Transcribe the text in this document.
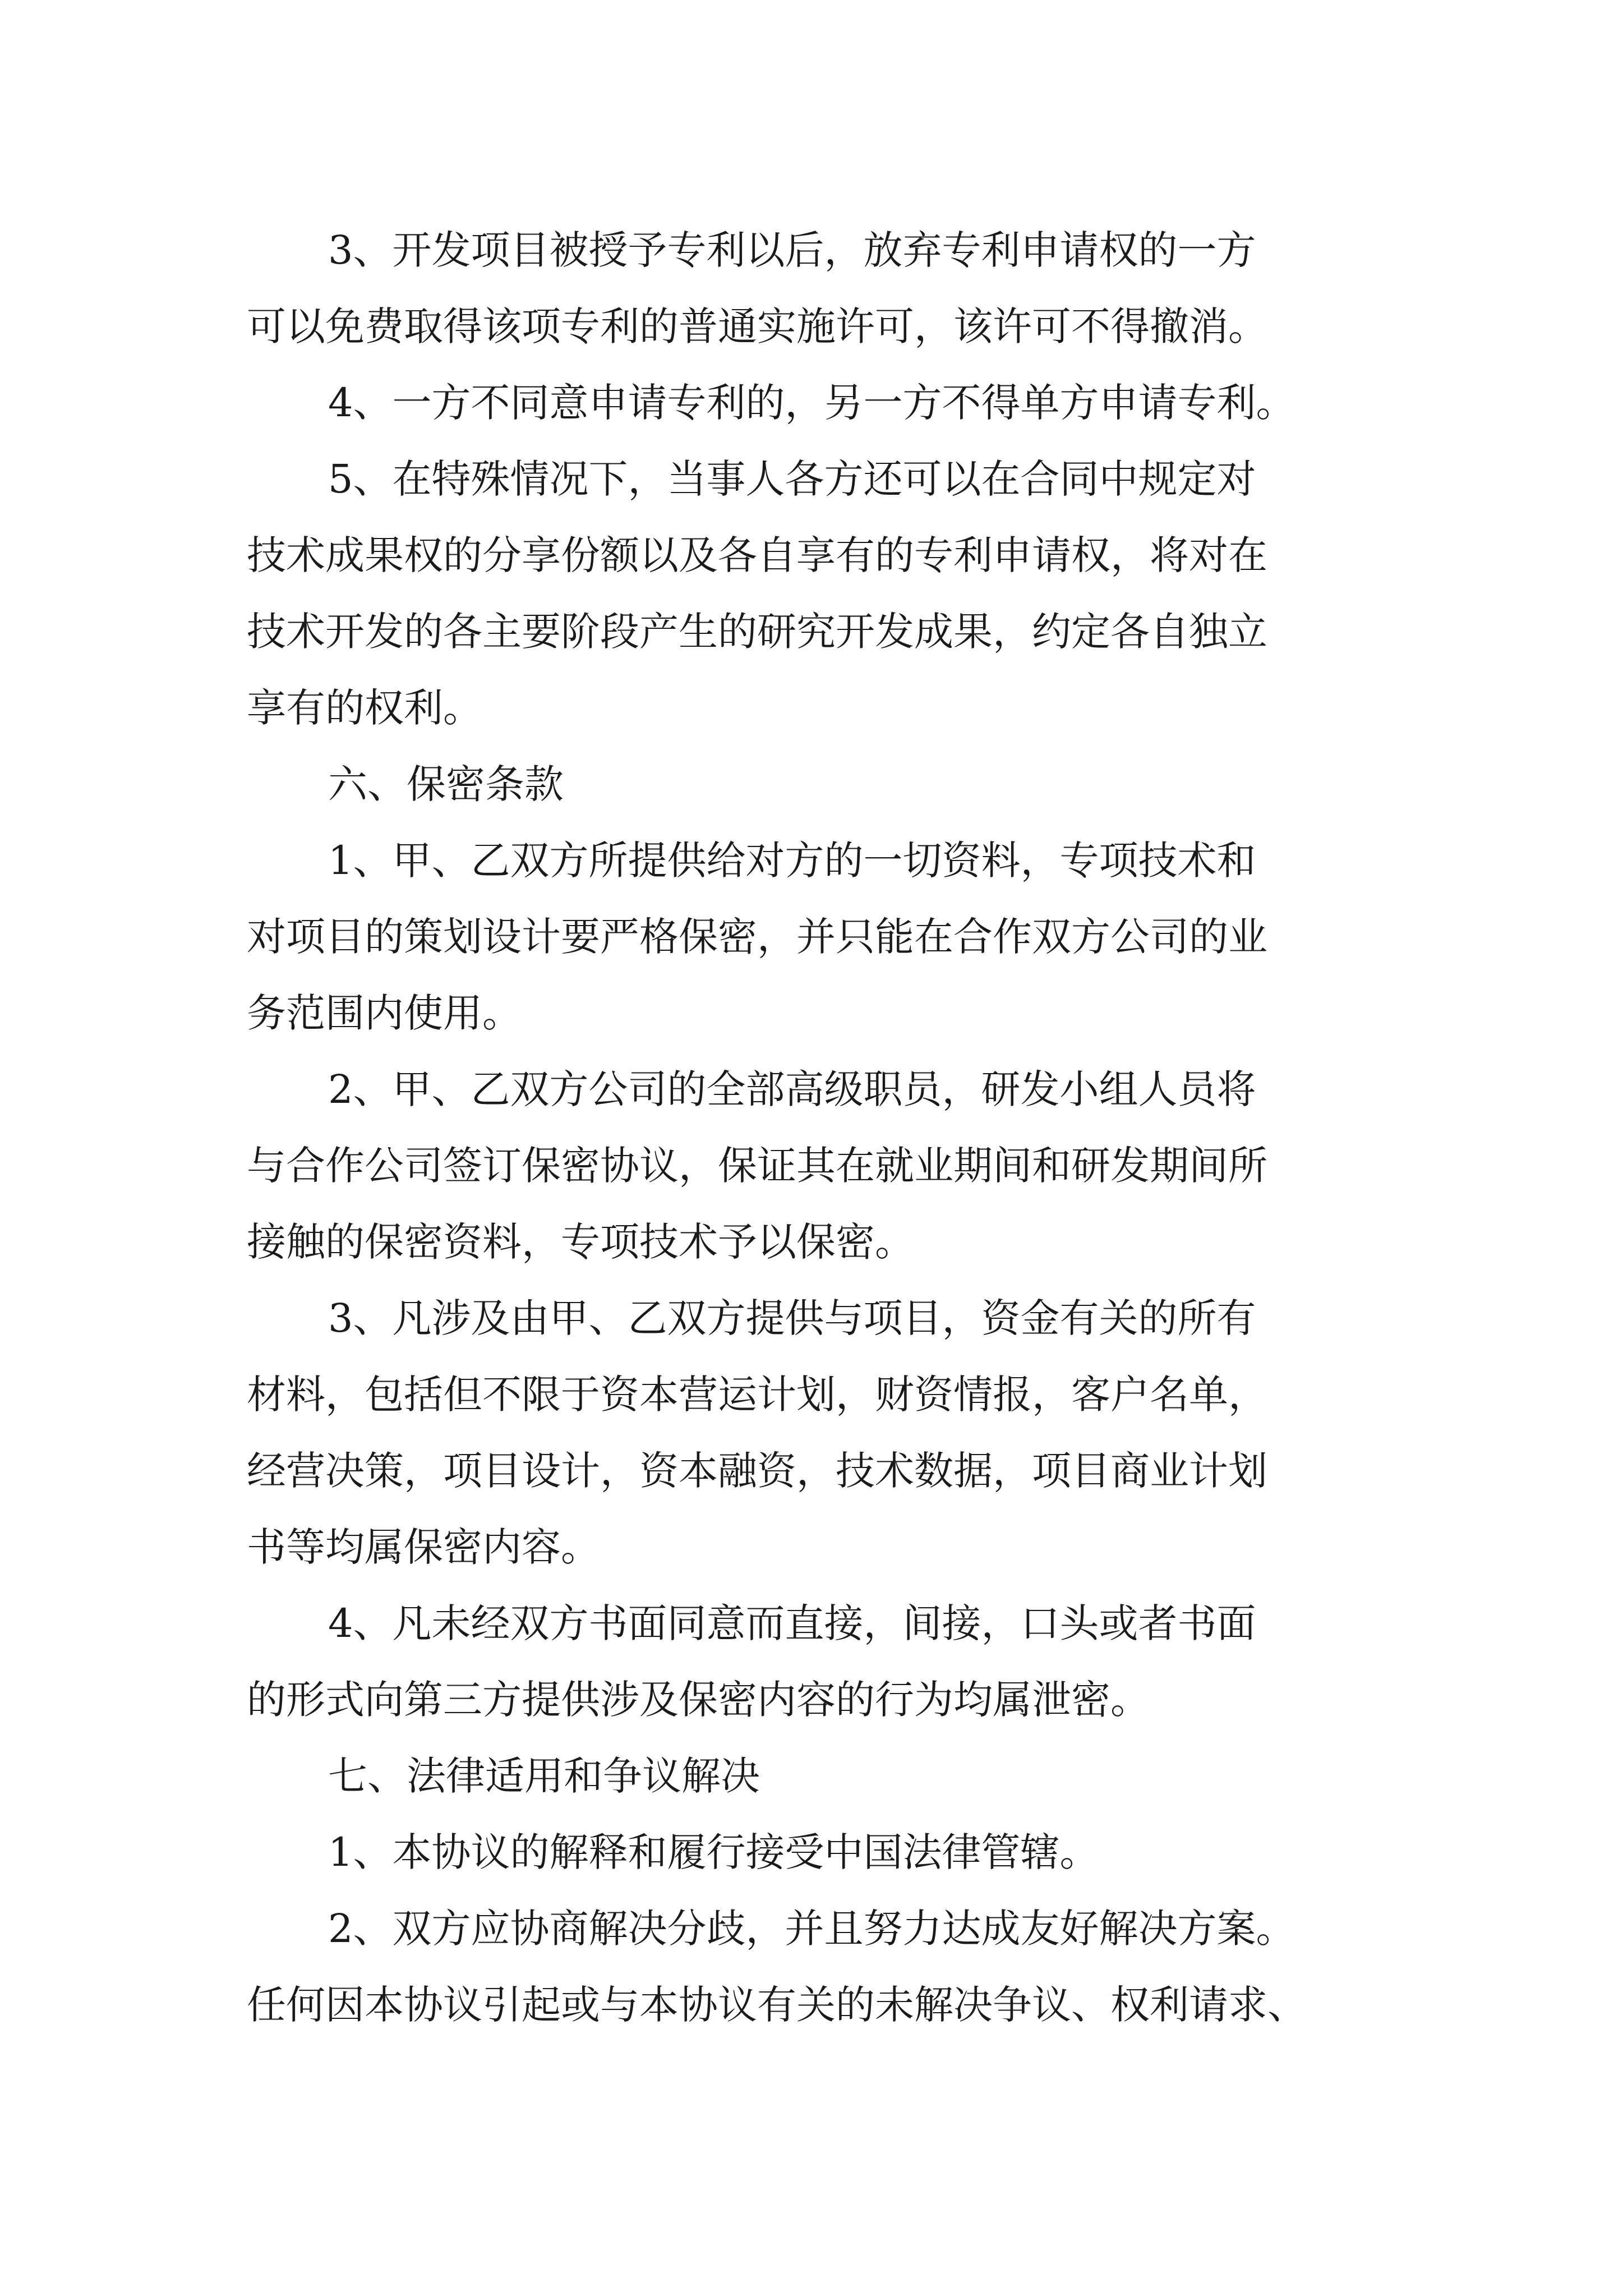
3、开发项目被授予专利以后，放弃专利申请权的一方
可以免费取得该项专利的普通实施许可，该许可不得撤消。
4、一方不同意申请专利的，另一方不得单方申请专利。
5、在特殊情况下，当事人各方还可以在合同中规定对
技术成果权的分享份额以及各自享有的专利申请权，将对在
技术开发的各主要阶段产生的研究开发成果，约定各自独立
享有的权利。
六、保密条款
1、甲、乙双方所提供给对方的一切资料，专项技术和
对项目的策划设计要严格保密，并只能在合作双方公司的业
务范围内使用。
2、甲、乙双方公司的全部高级职员，研发小组人员将
与合作公司签订保密协议，保证其在就业期间和研发期间所
接触的保密资料，专项技术予以保密。
3、凡涉及由甲、乙双方提供与项目，资金有关的所有
材料，包括但不限于资本营运计划，财资情报，客户名单，
经营决策，项目设计，资本融资，技术数据，项目商业计划
书等均属保密内容。
4、凡未经双方书面同意而直接，间接，口头或者书面
的形式向第三方提供涉及保密内容的行为均属泄密。
七、法律适用和争议解决
1、本协议的解释和履行接受中国法律管辖。
2、双方应协商解决分歧，并且努力达成友好解决方案。
任何因本协议引起或与本协议有关的未解决争议、权利请求、
